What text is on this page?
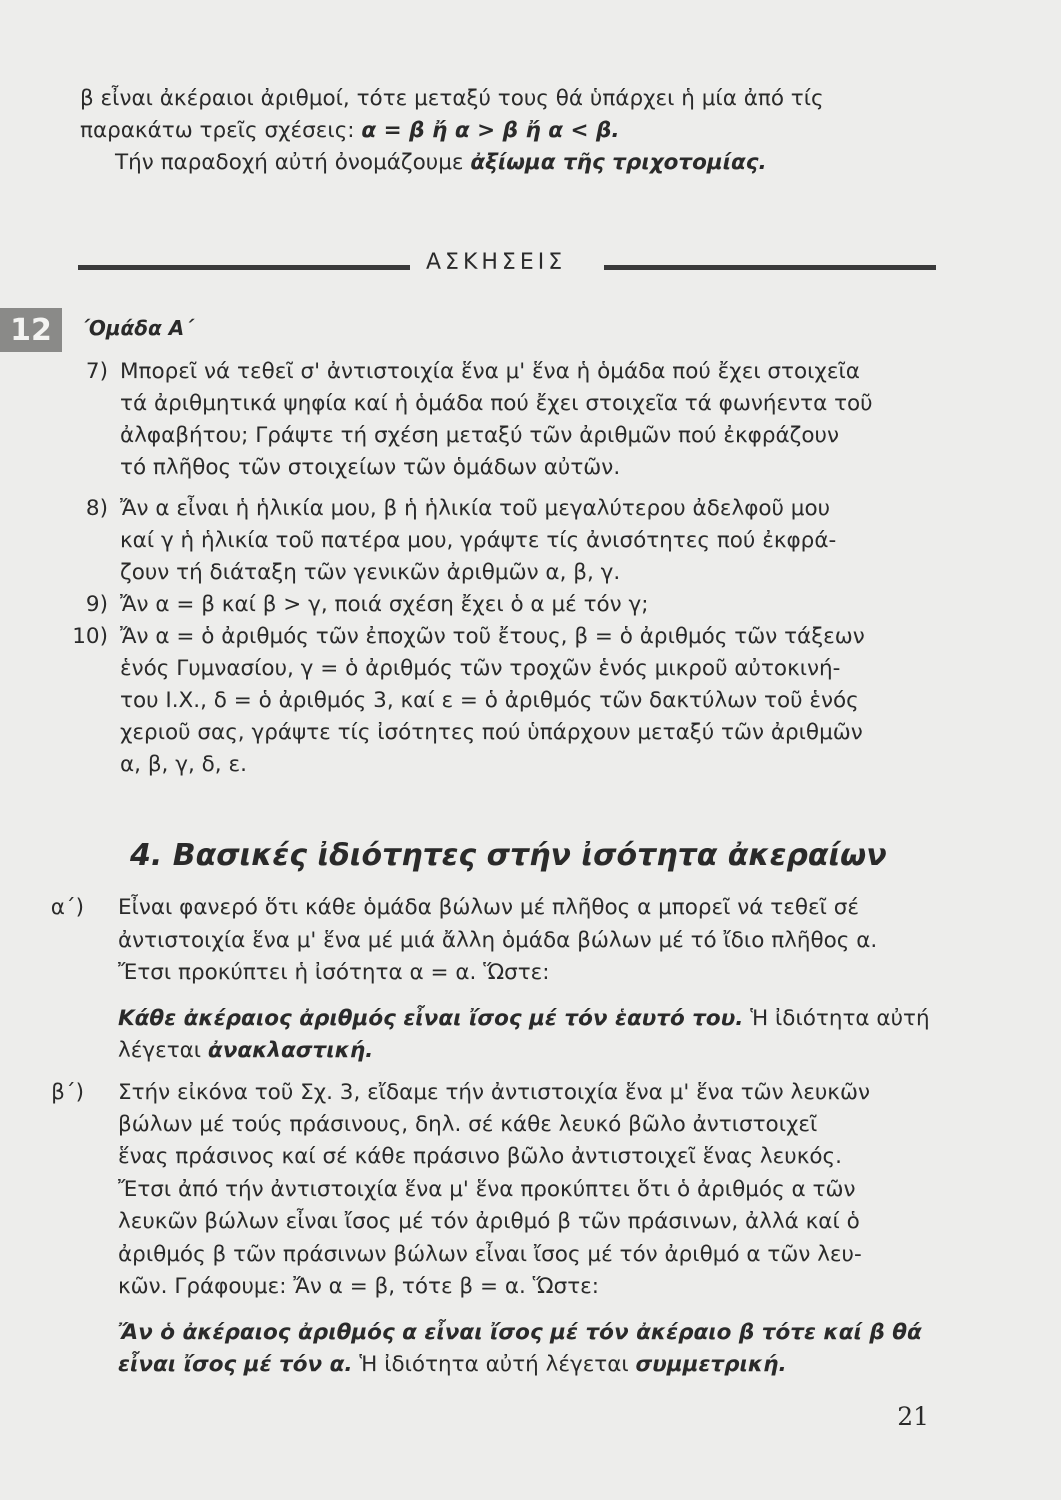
β εἶναι ἀκέραιοι ἀριθμοί, τότε μεταξύ τους θά ὑπάρχει ἡ μία ἀπό τίς
παρακάτω τρεῖς σχέσεις: α = β ἤ α > β ἤ α < β.
Τήν παραδοχή αὐτή ὀνομάζουμε ἀξίωμα τῆς τριχοτομίας.
ΑΣΚΗΣΕΙΣ
12	΄Ομάδα Α΄
7) Μπορεῖ νά τεθεῖ σ' ἀντιστοιχία ἕνα μ' ἕνα ἡ ὁμάδα πού ἔχει στοιχεῖα
τά ἀριθμητικά ψηφία καί ἡ ὁμάδα πού ἔχει στοιχεῖα τά φωνήεντα τοῦ
ἀλφαβήτου; Γράψτε τή σχέση μεταξύ τῶν ἀριθμῶν πού ἐκφράζουν
τό πλῆθος τῶν στοιχείων τῶν ὁμάδων αὐτῶν.
8) Ἄν α εἶναι ἡ ἡλικία μου, β ἡ ἡλικία τοῦ μεγαλύτερου ἀδελφοῦ μου
καί γ ἡ ἡλικία τοῦ πατέρα μου, γράψτε τίς ἀνισότητες πού ἐκφρά-
ζουν τή διάταξη τῶν γενικῶν ἀριθμῶν α, β, γ.
9) Ἄν α = β καί β > γ, ποιά σχέση ἔχει ὁ α μέ τόν γ;
10) Ἄν α = ὁ ἀριθμός τῶν ἐποχῶν τοῦ ἔτους, β = ὁ ἀριθμός τῶν τάξεων
ἑνός Γυμνασίου, γ = ὁ ἀριθμός τῶν τροχῶν ἑνός μικροῦ αὐτοκινή-
του Ι.Χ., δ = ὁ ἀριθμός 3, καί ε = ὁ ἀριθμός τῶν δακτύλων τοῦ ἑνός
χεριοῦ σας, γράψτε τίς ἰσότητες πού ὑπάρχουν μεταξύ τῶν ἀριθμῶν
α, β, γ, δ, ε.
4. Βασικές ἰδιότητες στήν ἰσότητα ἀκεραίων
α΄) Εἶναι φανερό ὅτι κάθε ὁμάδα βώλων μέ πλῆθος α μπορεῖ νά τεθεῖ σέ
ἀντιστοιχία ἕνα μ' ἕνα μέ μιά ἄλλη ὁμάδα βώλων μέ τό ἴδιο πλῆθος α.
Ἔτσι προκύπτει ἡ ἰσότητα α = α. Ὥστε:
Κάθε ἀκέραιος ἀριθμός εἶναι ἴσος μέ τόν ἑαυτό του. Ἡ ἰδιότητα αὐτή
λέγεται ἀνακλαστική.
β΄) Στήν εἰκόνα τοῦ Σχ. 3, εἴδαμε τήν ἀντιστοιχία ἕνα μ' ἕνα τῶν λευκῶν
βώλων μέ τούς πράσινους, δηλ. σέ κάθε λευκό βῶλο ἀντιστοιχεῖ
ἕνας πράσινος καί σέ κάθε πράσινο βῶλο ἀντιστοιχεῖ ἕνας λευκός.
Ἔτσι ἀπό τήν ἀντιστοιχία ἕνα μ' ἕνα προκύπτει ὅτι ὁ ἀριθμός α τῶν
λευκῶν βώλων εἶναι ἴσος μέ τόν ἀριθμό β τῶν πράσινων, ἀλλά καί ὁ
ἀριθμός β τῶν πράσινων βώλων εἶναι ἴσος μέ τόν ἀριθμό α τῶν λευ-
κῶν. Γράφουμε: Ἄν α = β, τότε β = α. Ὥστε:
Ἄν ὁ ἀκέραιος ἀριθμός α εἶναι ἴσος μέ τόν ἀκέραιο β τότε καί β θά
εἶναι ἴσος μέ τόν α. Ἡ ἰδιότητα αὐτή λέγεται συμμετρική.
21
